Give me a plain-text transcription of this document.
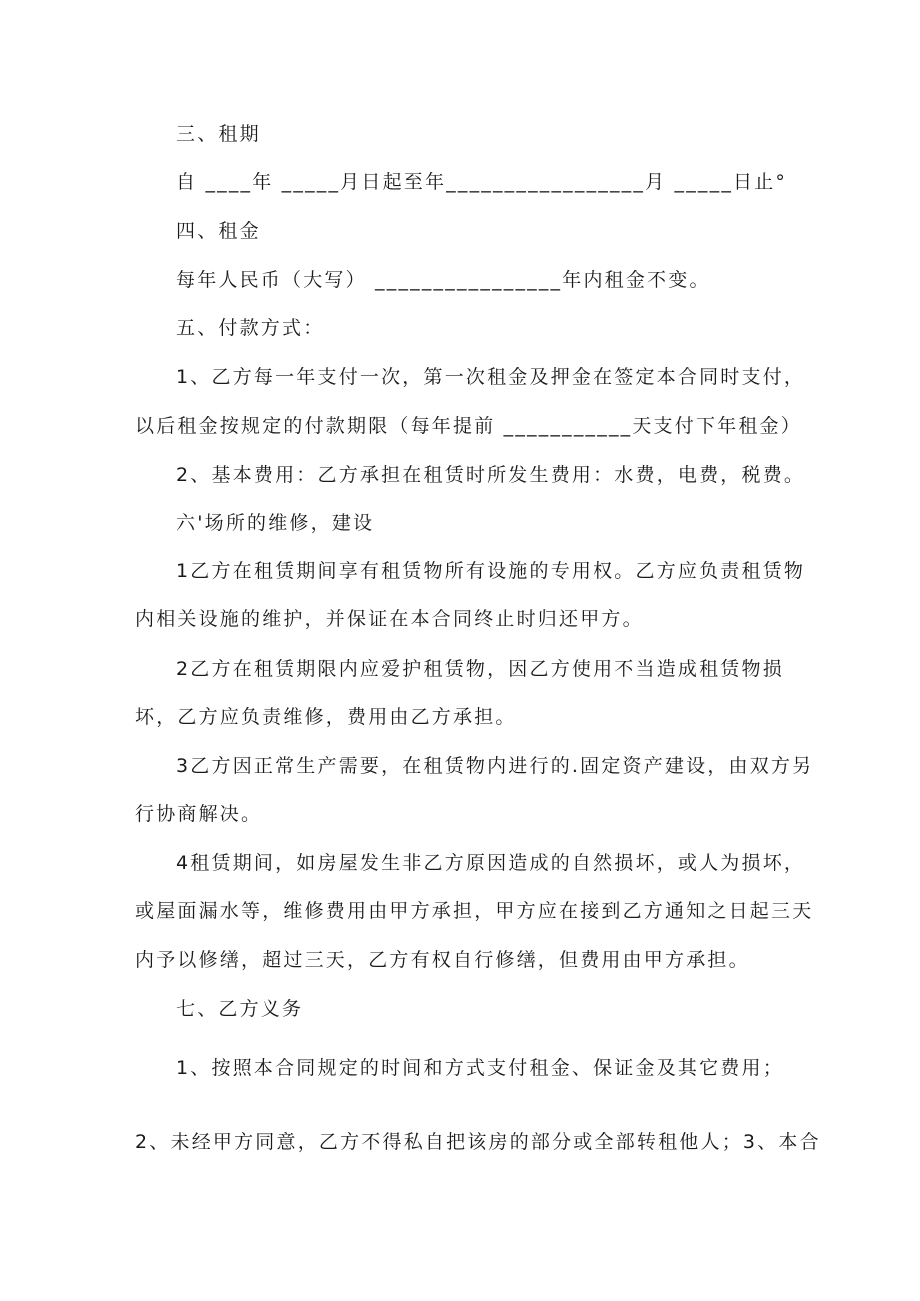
三、租期
自 ____年 _____月日起至年_________________月 _____日止°
四、租金
每年人民币（大写） ________________年内租金不变。
五、付款方式：
1、乙方每一年支付一次，第一次租金及押金在签定本合同时支付，
以后租金按规定的付款期限（每年提前 ___________天支付下年租金）
2、基本费用：乙方承担在租赁时所发生费用：水费，电费，税费。
六'场所的维修，建设
1乙方在租赁期间享有租赁物所有设施的专用权。乙方应负责租赁物
内相关设施的维护，并保证在本合同终止时归还甲方。
2乙方在租赁期限内应爱护租赁物，因乙方使用不当造成租赁物损
坏，乙方应负责维修，费用由乙方承担。
3乙方因正常生产需要，在租赁物内进行的.固定资产建设，由双方另
行协商解决。
4租赁期间，如房屋发生非乙方原因造成的自然损坏，或人为损坏，
或屋面漏水等，维修费用由甲方承担，甲方应在接到乙方通知之日起三天
内予以修缮，超过三天，乙方有权自行修缮，但费用由甲方承担。
七、乙方义务
1、按照本合同规定的时间和方式支付租金、保证金及其它费用；
2、未经甲方同意，乙方不得私自把该房的部分或全部转租他人；3、本合
